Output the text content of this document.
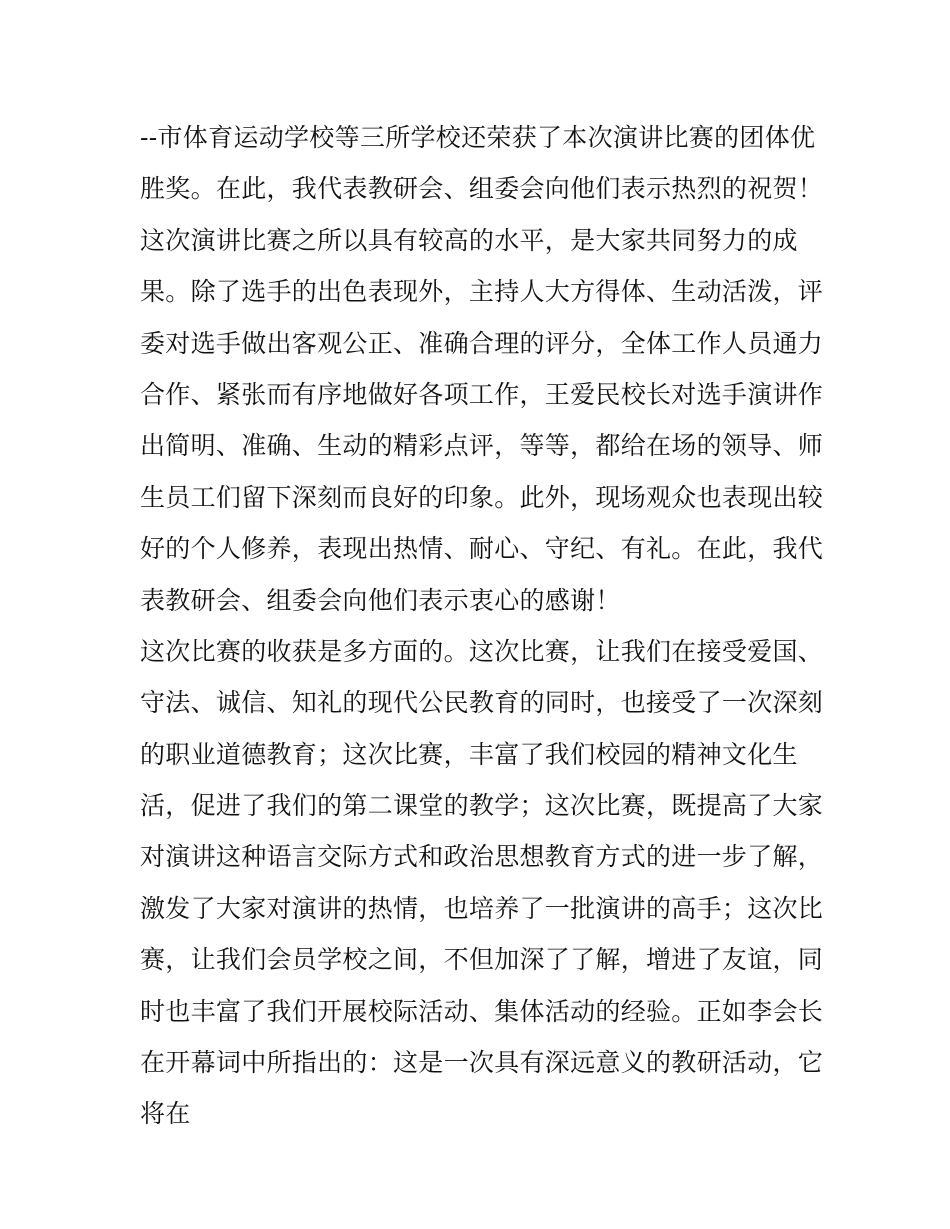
--市体育运动学校等三所学校还荣获了本次演讲比赛的团体优
胜奖。在此，我代表教研会、组委会向他们表示热烈的祝贺！
这次演讲比赛之所以具有较高的水平，是大家共同努力的成
果。除了选手的出色表现外，主持人大方得体、生动活泼，评
委对选手做出客观公正、准确合理的评分，全体工作人员通力
合作、紧张而有序地做好各项工作，王爱民校长对选手演讲作
出简明、准确、生动的精彩点评，等等，都给在场的领导、师
生员工们留下深刻而良好的印象。此外，现场观众也表现出较
好的个人修养，表现出热情、耐心、守纪、有礼。在此，我代
表教研会、组委会向他们表示衷心的感谢！
这次比赛的收获是多方面的。这次比赛，让我们在接受爱国、
守法、诚信、知礼的现代公民教育的同时，也接受了一次深刻
的职业道德教育；这次比赛，丰富了我们校园的精神文化生
活，促进了我们的第二课堂的教学；这次比赛，既提高了大家
对演讲这种语言交际方式和政治思想教育方式的进一步了解，
激发了大家对演讲的热情，也培养了一批演讲的高手；这次比
赛，让我们会员学校之间，不但加深了了解，增进了友谊，同
时也丰富了我们开展校际活动、集体活动的经验。正如李会长
在开幕词中所指出的：这是一次具有深远意义的教研活动，它
将在
